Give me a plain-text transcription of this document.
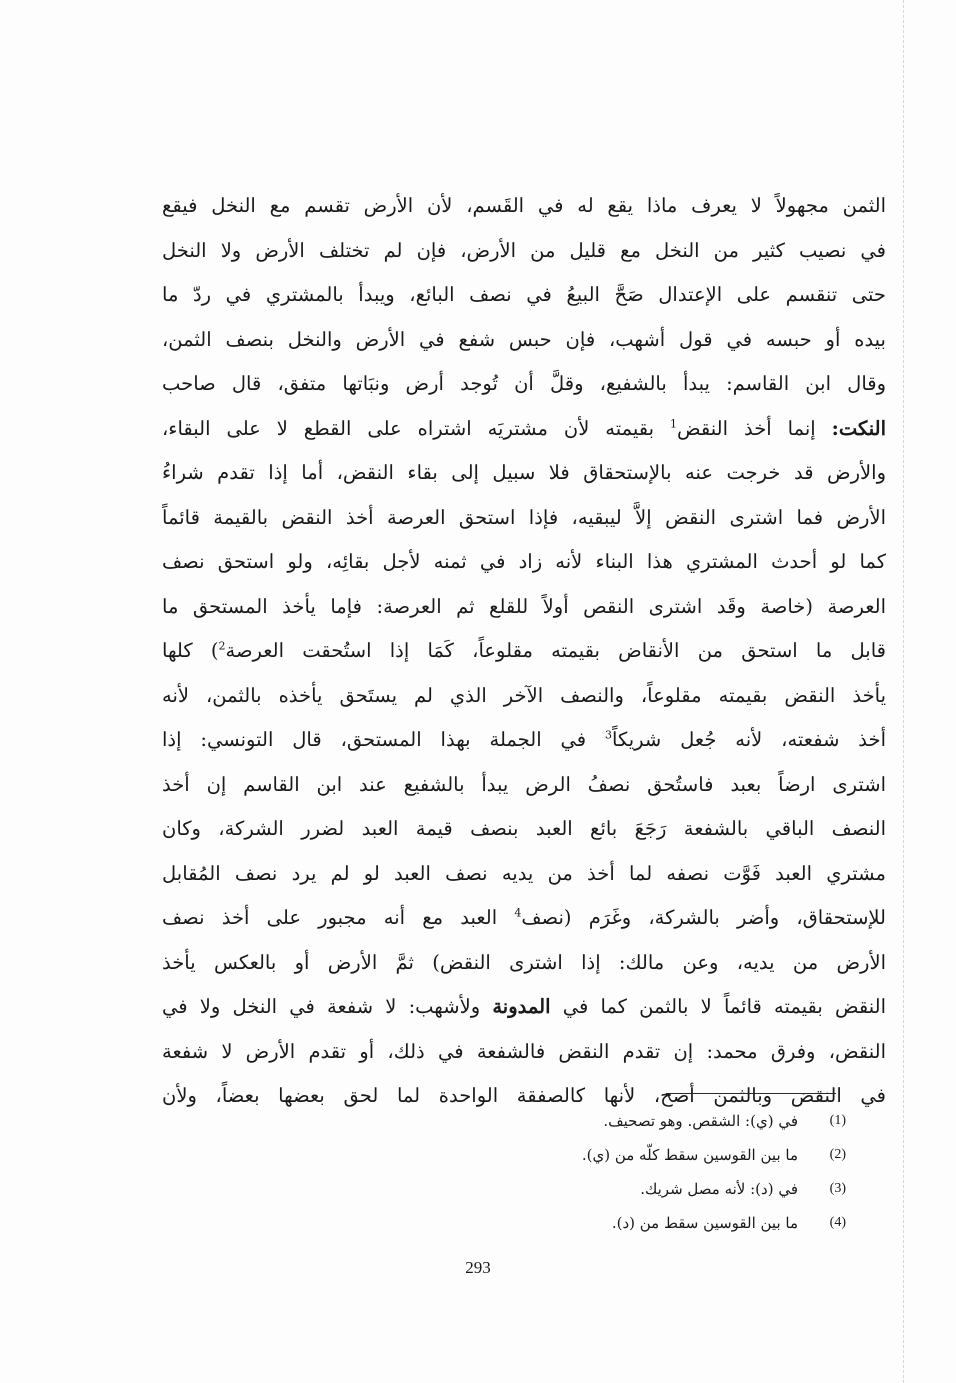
الثمن مجهولاً لا يعرف ماذا يقع له في القَسم، لأن الأرض تقسم مع النخل فيقع
في نصيب كثير من النخل مع قليل من الأرض، فإن لم تختلف الأرض ولا النخل
حتى تنقسم على الإعتدال صَحَّ البيعُ في نصف البائع، ويبدأ بالمشتري في ردّ ما
بيده أو حبسه في قول أشهب، فإن حبس شفع في الأرض والنخل بنصف الثمن،
وقال ابن القاسم: يبدأ بالشفيع، وقلَّ أن تُوجد أرض ونبَاتها متفق، قال صاحب
النكت: إنما أخذ النقض$^1$ بقيمته لأن مشتريَه اشتراه على القطع لا على البقاء،
والأرض قد خرجت عنه بالإستحقاق فلا سبيل إلى بقاء النقض، أما إذا تقدم شراءُ
الأرض فما اشترى النقض إلاَّ ليبقيه، فإذا استحق العرصة أخذ النقض بالقيمة قائماً
كما لو أحدث المشتري هذا البناء لأنه زاد في ثمنه لأجل بقائِه، ولو استحق نصف
العرصة (خاصة وقَد اشترى النقص أولاً للقلع ثم العرصة: فإما يأخذ المستحق ما
قابل ما استحق من الأنقاض بقيمته مقلوعاً، كَمَا إذا استُحقت العرصة$^2$) كلها
يأخذ النقض بقيمته مقلوعاً، والنصف الآخر الذي لم يستَحق يأخذه بالثمن، لأنه
أخذ شفعته، لأنه جُعل شريكاً$^3$ في الجملة بهذا المستحق، قال التونسي: إذا
اشترى ارضاً بعبد فاستُحق نصفُ الرض يبدأ بالشفيع عند ابن القاسم إن أخذ
النصف الباقي بالشفعة رَجَعَ بائع العبد بنصف قيمة العبد لضرر الشركة، وكان
مشتري العبد فَوَّت نصفه لما أخذ من يديه نصف العبد لو لم يرد نصف المُقابل
للإستحقاق، وأضر بالشركة، وغَرَم (نصف$^4$ العبد مع أنه مجبور على أخذ نصف
الأرض من يديه، وعن مالك: إذا اشترى النقض) ثمَّ الأرض أو بالعكس يأخذ
النقض بقيمته قائماً لا بالثمن كما في المدونة ولأشهب: لا شفعة في النخل ولا في
النقض، وفرق محمد: إن تقدم النقض فالشفعة في ذلك، أو تقدم الأرض لا شفعة
في النقض وبالثمن أصح، لأنها كالصفقة الواحدة لما لحق بعضها بعضاً، ولأن
(1)
في (ي): الشقص. وهو تصحيف.
(2)
ما بين القوسين سقط كلّه من (ي).
(3)
في (د): لأنه مصل شريك.
(4)
ما بين القوسين سقط من (د).
293
